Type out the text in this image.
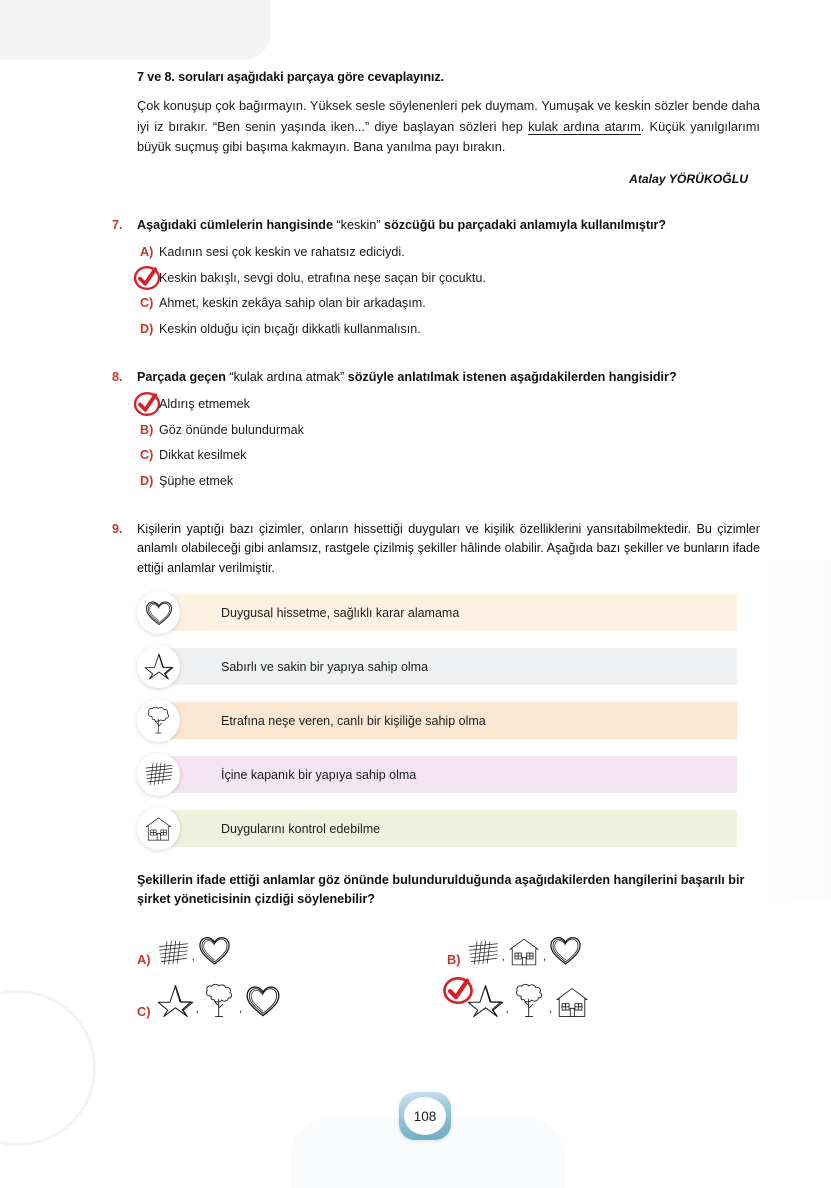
7 ve 8. soruları aşağıdaki parçaya göre cevaplayınız.

Çok konuşup çok bağırmayın. Yüksek sesle söylenenleri pek duymam. Yumuşak ve keskin sözler bende daha iyi iz bırakır. “Ben senin yaşında iken...” diye başlayan sözleri hep kulak ardına atarım. Küçük yanılgılarımı büyük suçmuş gibi başıma kakmayın. Bana yanılma payı bırakın.

Atalay YÖRÜKOĞLU
7.	Aşağıdaki cümlelerin hangisinde “keskin” sözcüğü bu parçadaki anlamıyla kullanılmıştır?
A) Kadının sesi çok keskin ve rahatsız ediciydi.
Keskin bakışlı, sevgi dolu, etrafına neşe saçan bir çocuktu.
C) Ahmet, keskin zekâya sahip olan bir arkadaşım.
D) Keskin olduğu için bıçağı dikkatli kullanmalısın.
8.	Parçada geçen “kulak ardına atmak” sözüyle anlatılmak istenen aşağıdakilerden hangisidir?
Aldırış etmemek
B) Göz önünde bulundurmak
C) Dikkat kesilmek
D) Şüphe etmek
9.	Kişilerin yaptığı bazı çizimler, onların hissettiği duyguları ve kişilik özelliklerini yansıtabilmektedir. Bu çizimler anlamlı olabileceği gibi anlamsız, rastgele çizilmiş şekiller hâlinde olabilir. Aşağıda bazı şekiller ve bunların ifade ettiği anlamlar verilmiştir.
Duygusal hissetme, sağlıklı karar alamama
Sabırlı ve sakin bir yapıya sahip olma
Etrafına neşe veren, canlı bir kişiliğe sahip olma
İçine kapanık bir yapıya sahip olma
Duygularını kontrol edebilme
Şekillerin ifade ettiği anlamlar göz önünde bulundurulduğunda aşağıdakilerden hangilerini başarılı bir şirket yöneticisinin çizdiği söylenebilir?
A)	,	B)	,	,
C)	,	,	,	,
108
